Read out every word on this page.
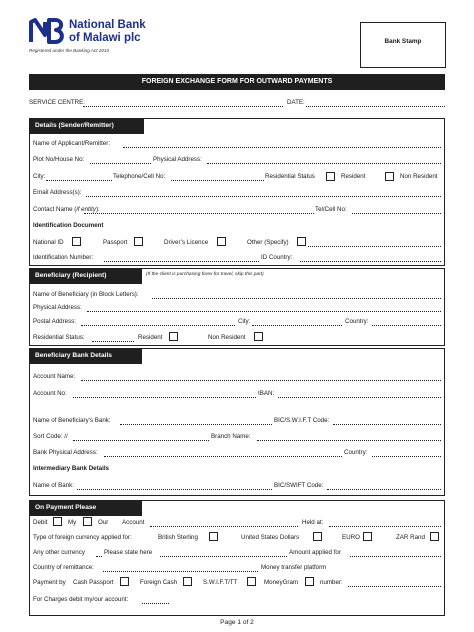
National Bank
of Malawi plc
Registered under the Banking Act 2010
Bank Stamp
FOREIGN EXCHANGE FORM FOR OUTWARD PAYMENTS
SERVICE CENTRE:	DATE:
Details (Sender/Remitter)
Name of Applicant/Remitter:
Plot No/House No:	Physical Address:
City:	Telephone/Cell No:	Residential Status	Resident	Non Resident
Email Address(s):
Contact Name (if entity):	Tel/Cell No:
Identification Document
National ID	Passport	Driver’s Licence	Other (Specify)
Identification Number:	ID Country:
Beneficiary (Recipient)	(If the client is purchasing forex for travel, skip this part)
Name of Beneficiary (in Block Letters):
Physical Address:
Postal Address:	City:	Country:
Residential Status:	Resident	Non Resident
Beneficiary Bank Details
Account Name:
Account No:	IBAN:
Name of Beneficiary’s Bank:	BIC/S.W.I.F.T Code:
Sort Code: //	Branch Name:
Bank Physical Address:	Country:
Intermediary Bank Details
Name of Bank:	BIC/SWIFT Code:
On Payment Please
Debit	My	Our Account	Held at:
Type of foreign currency applied for:	British Sterling	United States Dollars	EURO	ZAR Rand
Any other currency	Please state here	Amount applied for
Country of remittance:	Money transfer platform
Payment by Cash Passport	Foreign Cash	S.W.I.F.T/TT	MoneyGram	number:
For Charges debit my/our account:
Page 1 of 2
